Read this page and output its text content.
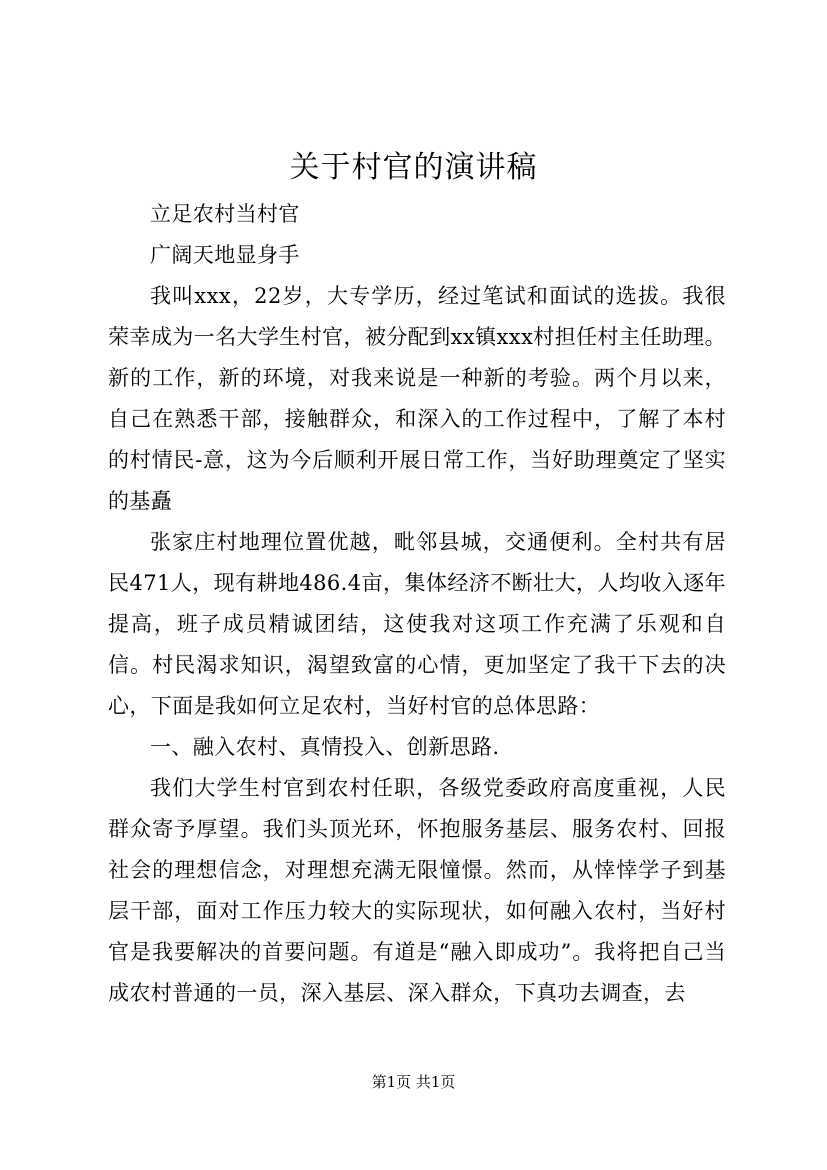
关于村官的演讲稿

立足农村当村官

广阔天地显身手

我叫xxx，22岁，大专学历，经过笔试和面试的选拔。我很荣幸成为一名大学生村官，被分配到xx镇xxx村担任村主任助理。新的工作，新的环境，对我来说是一种新的考验。两个月以来，自己在熟悉干部，接触群众，和深入的工作过程中，了解了本村的村情民-意，这为今后顺利开展日常工作，当好助理奠定了坚实的基矗

张家庄村地理位置优越，毗邻县城，交通便利。全村共有居民471人，现有耕地486.4亩，集体经济不断壮大，人均收入逐年提高，班子成员精诚团结，这使我对这项工作充满了乐观和自信。村民渴求知识，渴望致富的心情，更加坚定了我干下去的决心，下面是我如何立足农村，当好村官的总体思路：

一、融入农村、真情投入、创新思路.

我们大学生村官到农村任职，各级党委政府高度重视，人民群众寄予厚望。我们头顶光环，怀抱服务基层、服务农村、回报社会的理想信念，对理想充满无限憧憬。然而，从悻悻学子到基层干部，面对工作压力较大的实际现状，如何融入农村，当好村官是我要解决的首要问题。有道是“融入即成功”。我将把自己当成农村普通的一员，深入基层、深入群众，下真功去调查，去

第1页 共1页
